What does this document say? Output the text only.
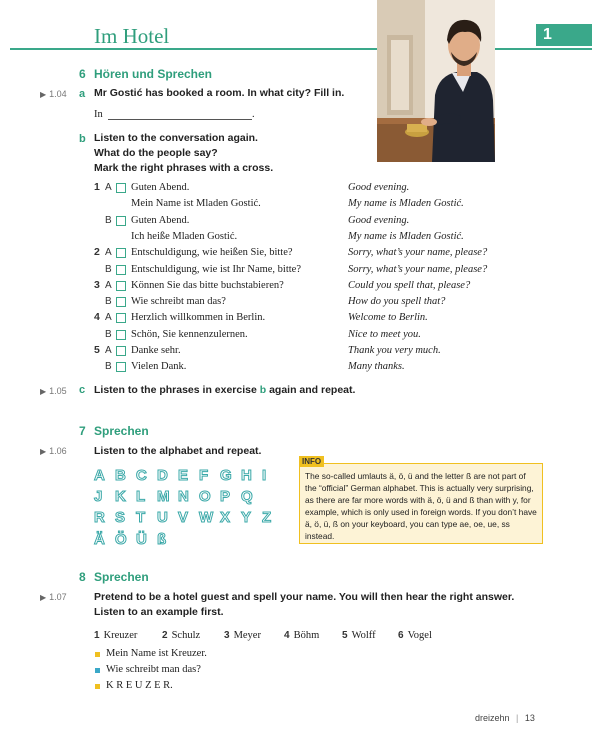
Im Hotel	1
6 Hören und Sprechen
▶ 1.04 a Mr Gostić has booked a room. In what city? Fill in.
In	.
b Listen to the conversation again.
What do the people say?
Mark the right phrases with a cross.
1 A Guten Abend.	Good evening.
Mein Name ist Mladen Gostić.	My name is Mladen Gostić.
B Guten Abend.	Good evening.
Ich heiße Mladen Gostić.	My name is Mladen Gostić.
2 A Entschuldigung, wie heißen Sie, bitte?	Sorry, what’s your name, please?
B Entschuldigung, wie ist Ihr Name, bitte?	Sorry, what’s your name, please?
3 A Können Sie das bitte buchstabieren?	Could you spell that, please?
B Wie schreibt man das?	How do you spell that?
4 A Herzlich willkommen in Berlin.	Welcome to Berlin.
B Schön, Sie kennenzulernen.	Nice to meet you.
5 A Danke sehr.	Thank you very much.
B Vielen Dank.	Many thanks.
▶ 1.05 c Listen to the phrases in exercise b again and repeat.
7 Sprechen
▶ 1.06	Listen to the alphabet and repeat.
A B C D E F G H I
J K L M N O P Q
R S T U V W X Y Z
Ä Ö Ü ß
INFO
The so-called umlauts ä, ö, ü and the letter ß are not part of the “official” German alphabet. This is actually very surprising, as there are far more words with ä, ö, ü and ß than with y, for example, which is only used in foreign words. If you don’t have ä, ö, ü, ß on your keyboard, you can type ae, oe, ue, ss instead.
8 Sprechen
▶ 1.07	Pretend to be a hotel guest and spell your name. You will then hear the right answer.
Listen to an example first.
1 Kreuzer 2 Schulz 3 Meyer 4 Böhm 5 Wolff 6 Vogel
Mein Name ist Kreuzer.
Wie schreibt man das?
K R E U Z E R.
dreizehn | 13
